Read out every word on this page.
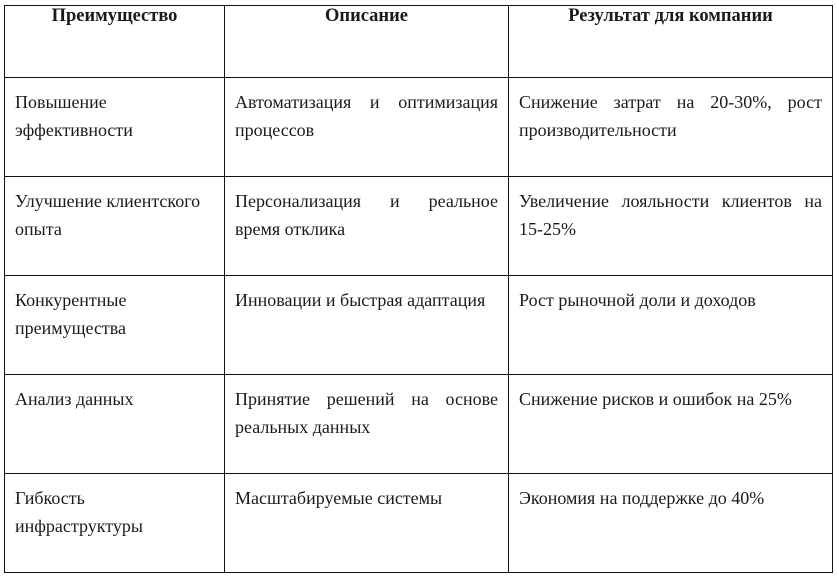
Преимущество	Описание	Результат для компании

Повышение эффективности	Автоматизация и оптимизация процессов	Снижение затрат на 20-30%, рост производительности

Улучшение клиентского опыта	Персонализация и реальное время отклика	Увеличение лояльности клиентов на 15-25%

Конкурентные преимущества	Инновации и быстрая адаптация	Рост рыночной доли и доходов

Анализ данных	Принятие решений на основе реальных данных	Снижение рисков и ошибок на 25%

Гибкость инфраструктуры	Масштабируемые системы	Экономия на поддержке до 40%
